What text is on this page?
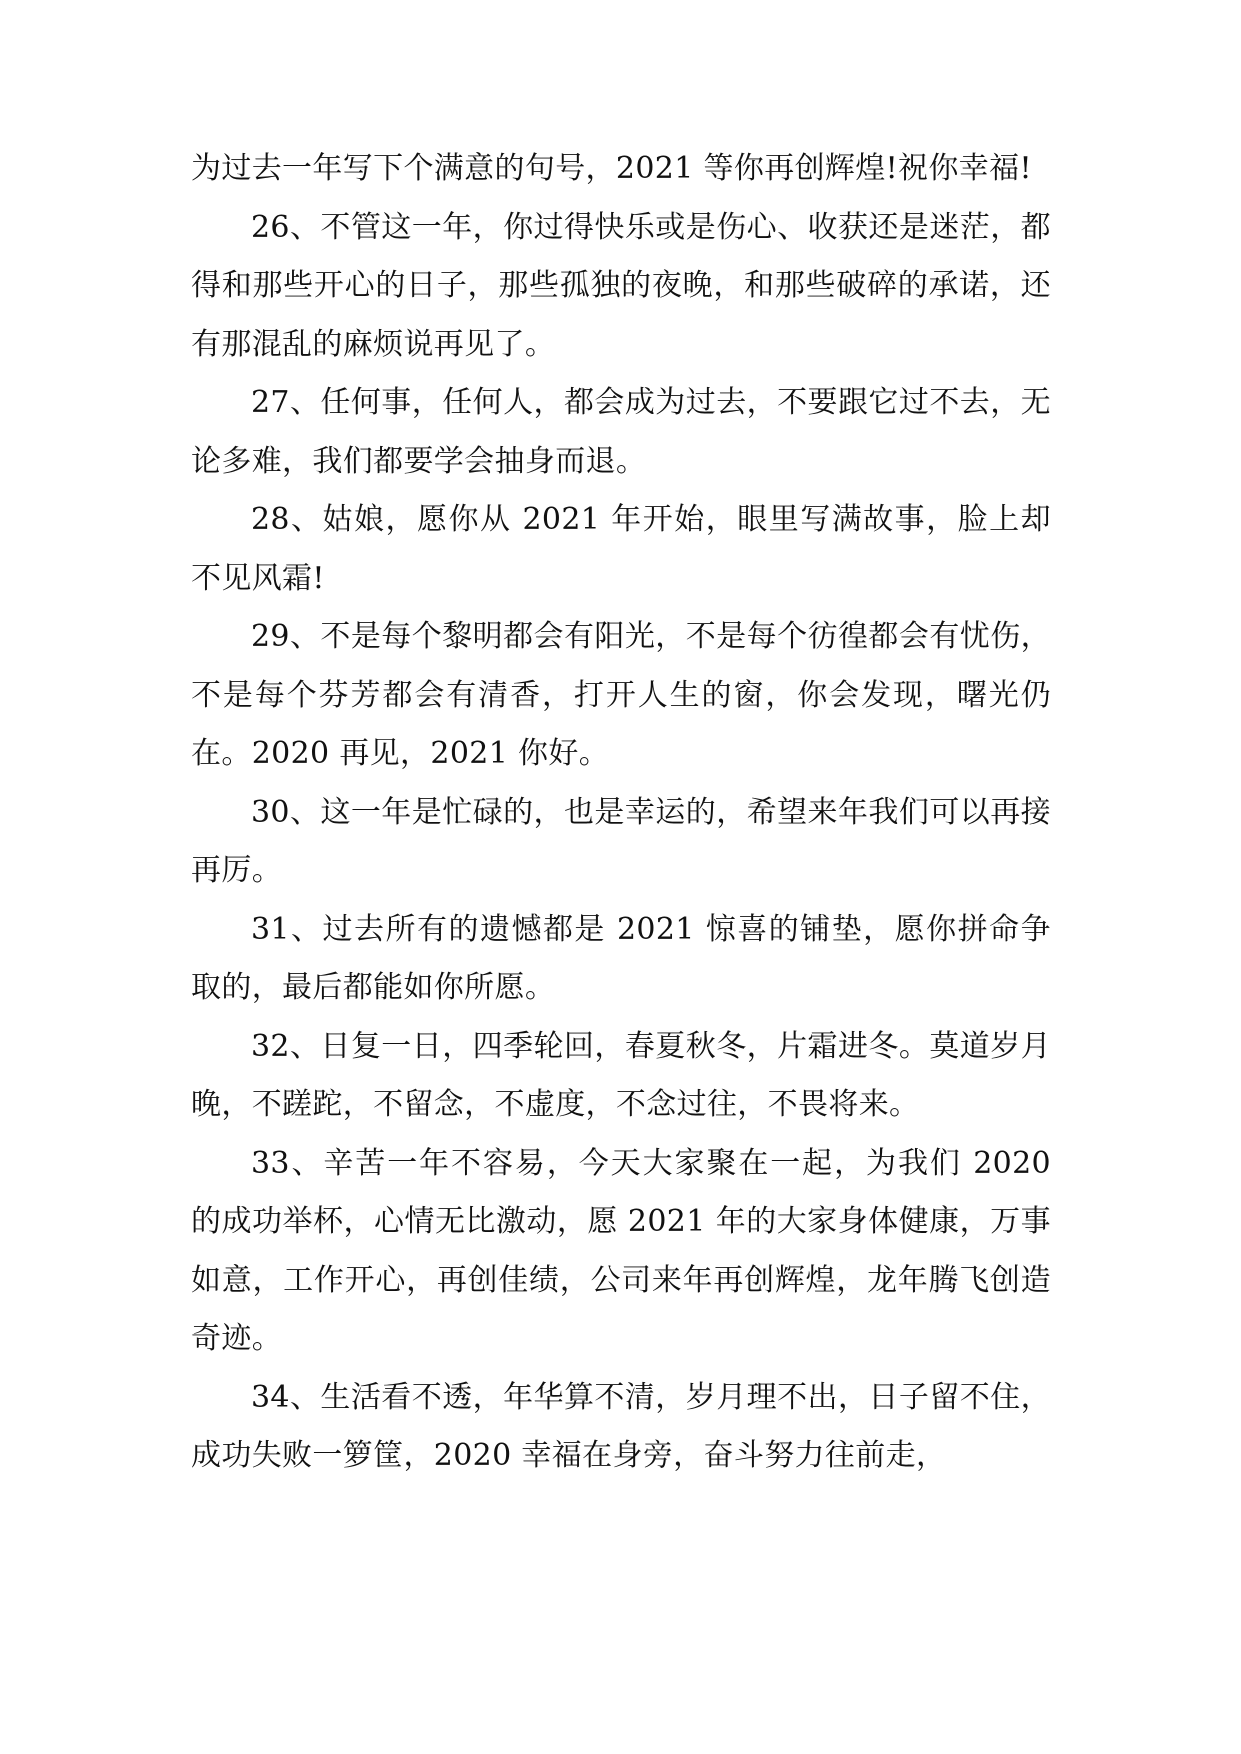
为过去一年写下个满意的句号，2021 等你再创辉煌!祝你幸福!

26、不管这一年，你过得快乐或是伤心、收获还是迷茫，都得和那些开心的日子，那些孤独的夜晚，和那些破碎的承诺，还有那混乱的麻烦说再见了。

27、任何事，任何人，都会成为过去，不要跟它过不去，无论多难，我们都要学会抽身而退。

28、姑娘，愿你从 2021 年开始，眼里写满故事，脸上却不见风霜!

29、不是每个黎明都会有阳光，不是每个彷徨都会有忧伤，不是每个芬芳都会有清香，打开人生的窗，你会发现，曙光仍在。2020 再见，2021 你好。

30、这一年是忙碌的，也是幸运的，希望来年我们可以再接再厉。

31、过去所有的遗憾都是 2021 惊喜的铺垫，愿你拼命争取的，最后都能如你所愿。

32、日复一日，四季轮回，春夏秋冬，片霜进冬。莫道岁月晚，不蹉跎，不留念，不虚度，不念过往，不畏将来。

33、辛苦一年不容易，今天大家聚在一起，为我们 2020 的成功举杯，心情无比激动，愿 2021 年的大家身体健康，万事如意，工作开心，再创佳绩，公司来年再创辉煌，龙年腾飞创造奇迹。

34、生活看不透，年华算不清，岁月理不出，日子留不住，成功失败一箩筐，2020 幸福在身旁，奋斗努力往前走，
